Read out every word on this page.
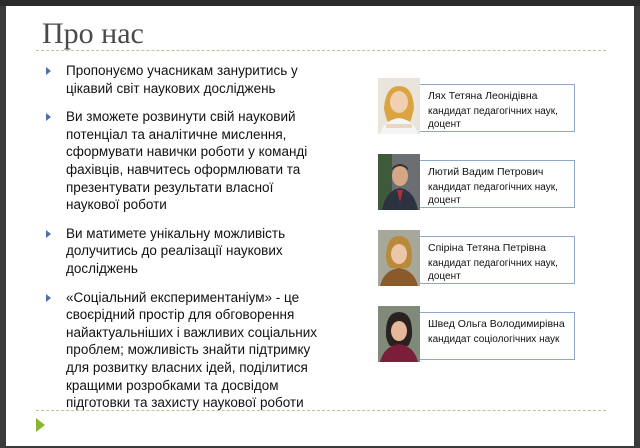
Про нас
Пропонуємо учасникам зануритись у цікавий світ наукових досліджень
Ви зможете розвинути свій науковий потенціал та аналітичне мислення, сформувати навички роботи у команді фахівців, навчитесь оформлювати та презентувати результати власної наукової роботи
Ви матимете унікальну можливість долучитись до реалізації наукових досліджень
«Соціальний експериментаніум» - це своєрідний простір для обговорення найактуальніших і важливих соціальних проблем; можливість знайти підтримку для розвитку власних ідей, поділитися кращими розробками та досвідом підготовки та захисту наукової роботи
Лях Тетяна Леонідівна
кандидат педагогічних наук, доцент
Лютий Вадим Петрович
кандидат педагогічних наук, доцент
Спіріна Тетяна Петрівна
кандидат педагогічних наук, доцент
Швед Ольга Володимирівна
кандидат соціологічних наук
